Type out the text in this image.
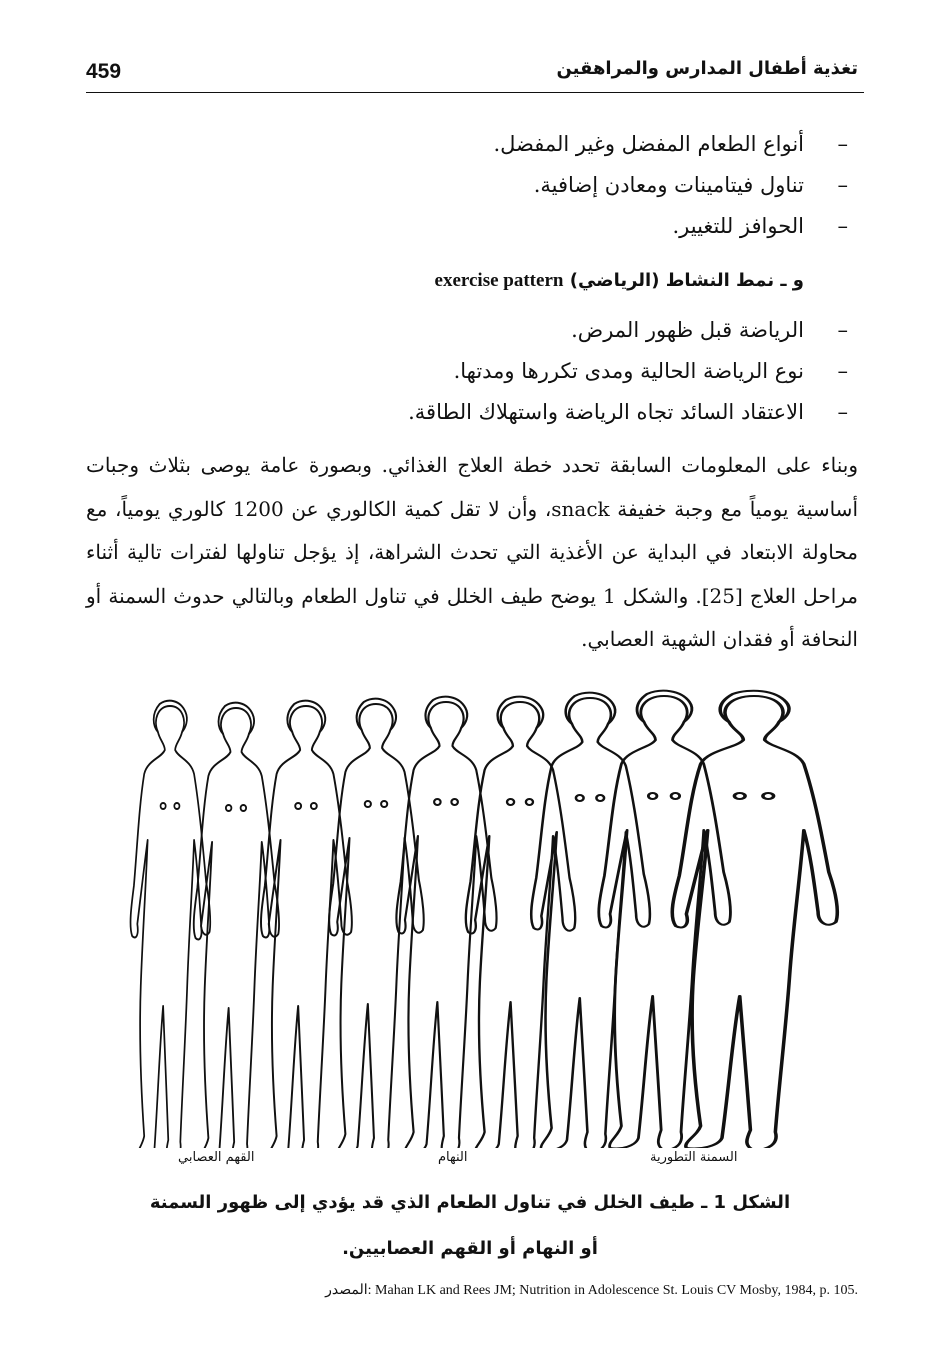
459	تغذية أطفال المدارس والمراهقين
–
أنواع الطعام المفضل وغير المفضل.
–
تناول فيتامينات ومعادن إضافية.
–
الحوافز للتغيير.
و ـ نمط النشاط (الرياضي) exercise pattern
–
الرياضة قبل ظهور المرض.
–
نوع الرياضة الحالية ومدى تكررها ومدتها.
–
الاعتقاد السائد تجاه الرياضة واستهلاك الطاقة.

وبناء على المعلومات السابقة تحدد خطة العلاج الغذائي. وبصورة عامة يوصى بثلاث وجبات أساسية يومياً مع وجبة خفيفة snack، وأن لا تقل كمية الكالوري عن 1200 كالوري يومياً، مع محاولة الابتعاد في البداية عن الأغذية التي تحدث الشراهة، إذ يؤجل تناولها لفترات تالية أثناء مراحل العلاج [25]. والشكل 1 يوضح طيف الخلل في تناول الطعام وبالتالي حدوث السمنة أو النحافة أو فقدان الشهية العصابي.

القهم العصابي	النهام	السمنة التطورية
الشكل 1 ـ طيف الخلل في تناول الطعام الذي قد يؤدي إلى ظهور السمنة
أو النهام أو القهم العصابيين.
المصدر: Mahan LK and Rees JM; Nutrition in Adolescence St. Louis CV Mosby, 1984, p. 105.
